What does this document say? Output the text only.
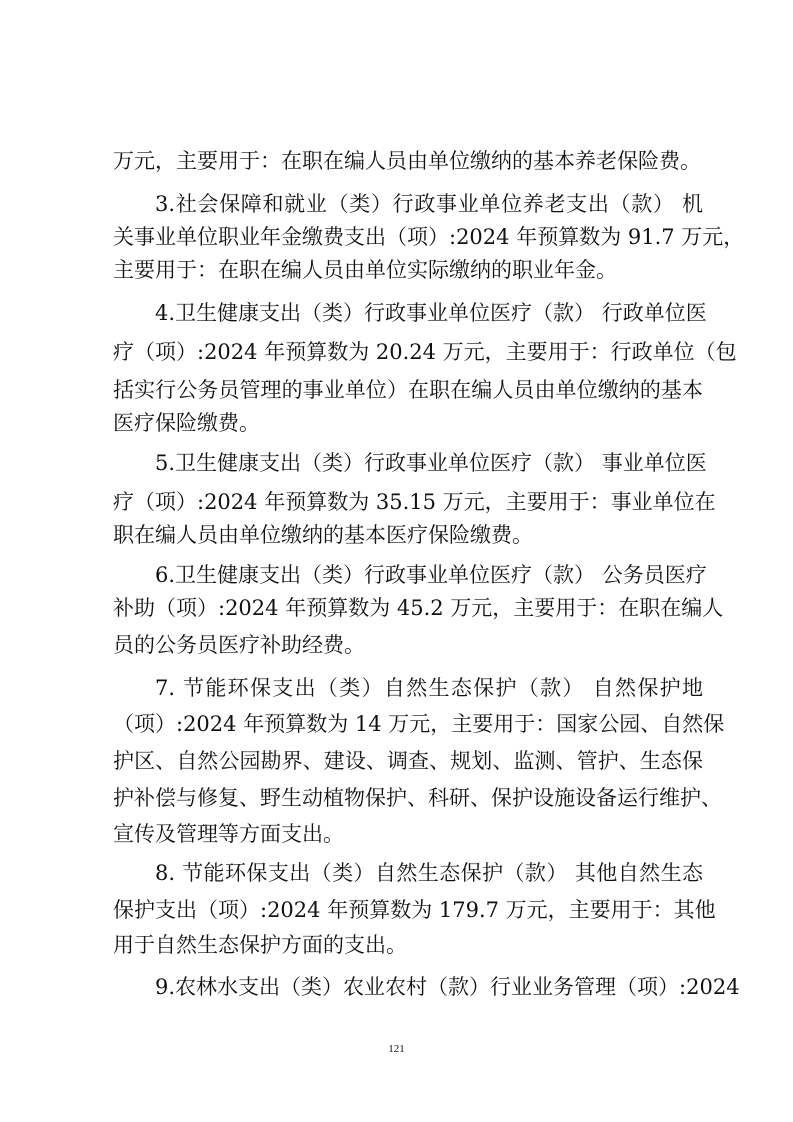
万元，主要用于：在职在编人员由单位缴纳的基本养老保险费。
3.社会保障和就业（类）行政事业单位养老支出（款） 机
关事业单位职业年金缴费支出（项）:2024 年预算数为 91.7 万元，
主要用于：在职在编人员由单位实际缴纳的职业年金。
4.卫生健康支出（类）行政事业单位医疗（款） 行政单位医
疗（项）:2024 年预算数为 20.24 万元，主要用于：行政单位（包
括实行公务员管理的事业单位）在职在编人员由单位缴纳的基本
医疗保险缴费。
5.卫生健康支出（类）行政事业单位医疗（款） 事业单位医
疗（项）:2024 年预算数为 35.15 万元，主要用于：事业单位在
职在编人员由单位缴纳的基本医疗保险缴费。
6.卫生健康支出（类）行政事业单位医疗（款） 公务员医疗
补助（项）:2024 年预算数为 45.2 万元，主要用于：在职在编人
员的公务员医疗补助经费。
7. 节能环保支出（类）自然生态保护（款） 自然保护地
（项）:2024 年预算数为 14 万元，主要用于：国家公园、自然保
护区、自然公园勘界、建设、调查、规划、监测、管护、生态保
护补偿与修复、野生动植物保护、科研、保护设施设备运行维护、
宣传及管理等方面支出。
8. 节能环保支出（类）自然生态保护（款） 其他自然生态
保护支出（项）:2024 年预算数为 179.7 万元，主要用于：其他
用于自然生态保护方面的支出。
9.农林水支出（类）农业农村（款）行业业务管理（项）:2024
121
